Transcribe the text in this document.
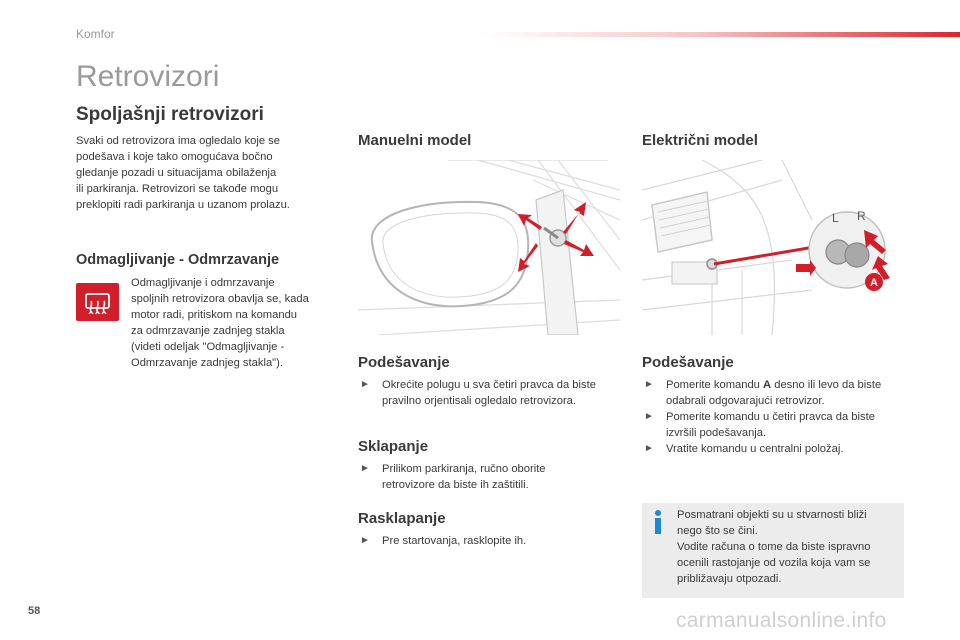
Komfor
Retrovizori
Spoljašnji retrovizori

Svaki od retrovizora ima ogledalo koje se

podešava i koje tako omogućava bočno

gledanje pozadi u situacijama obilaženja

ili parkiranja. Retrovizori se takođe mogu

preklopiti radi parkiranja u uzanom prolazu.

Odmagljivanje - Odmrzavanje

Odmagljivanje i odmrzavanje

spoljnih retrovizora obavlja se, kada

motor radi, pritiskom na komandu

za odmrzavanje zadnjeg stakla

(videti odeljak "Odmagljivanje -

Odmrzavanje zadnjeg stakla").

Manuelni model
Podešavanje
► Okrećite polugu u sva četiri pravca da biste

pravilno orjentisali ogledalo retrovizora.

Sklapanje
► Prilikom parkiranja, ručno oborite

retrovizore da biste ih zaštitili.

Rasklapanje
► Pre startovanja, rasklopite ih.

Električni model
L R
A
Podešavanje
► Pomerite komandu A desno ili levo da biste

odabrali odgovarajući retrovizor.

► Pomerite komandu u četiri pravca da biste

izvršili podešavanja.

► Vratite komandu u centralni položaj.

Posmatrani objekti su u stvarnosti bliži

nego što se čini.

Vodite računa o tome da biste ispravno

ocenili rastojanje od vozila koja vam se

približavaju otpozadi.

58	carmanualsonline.info
